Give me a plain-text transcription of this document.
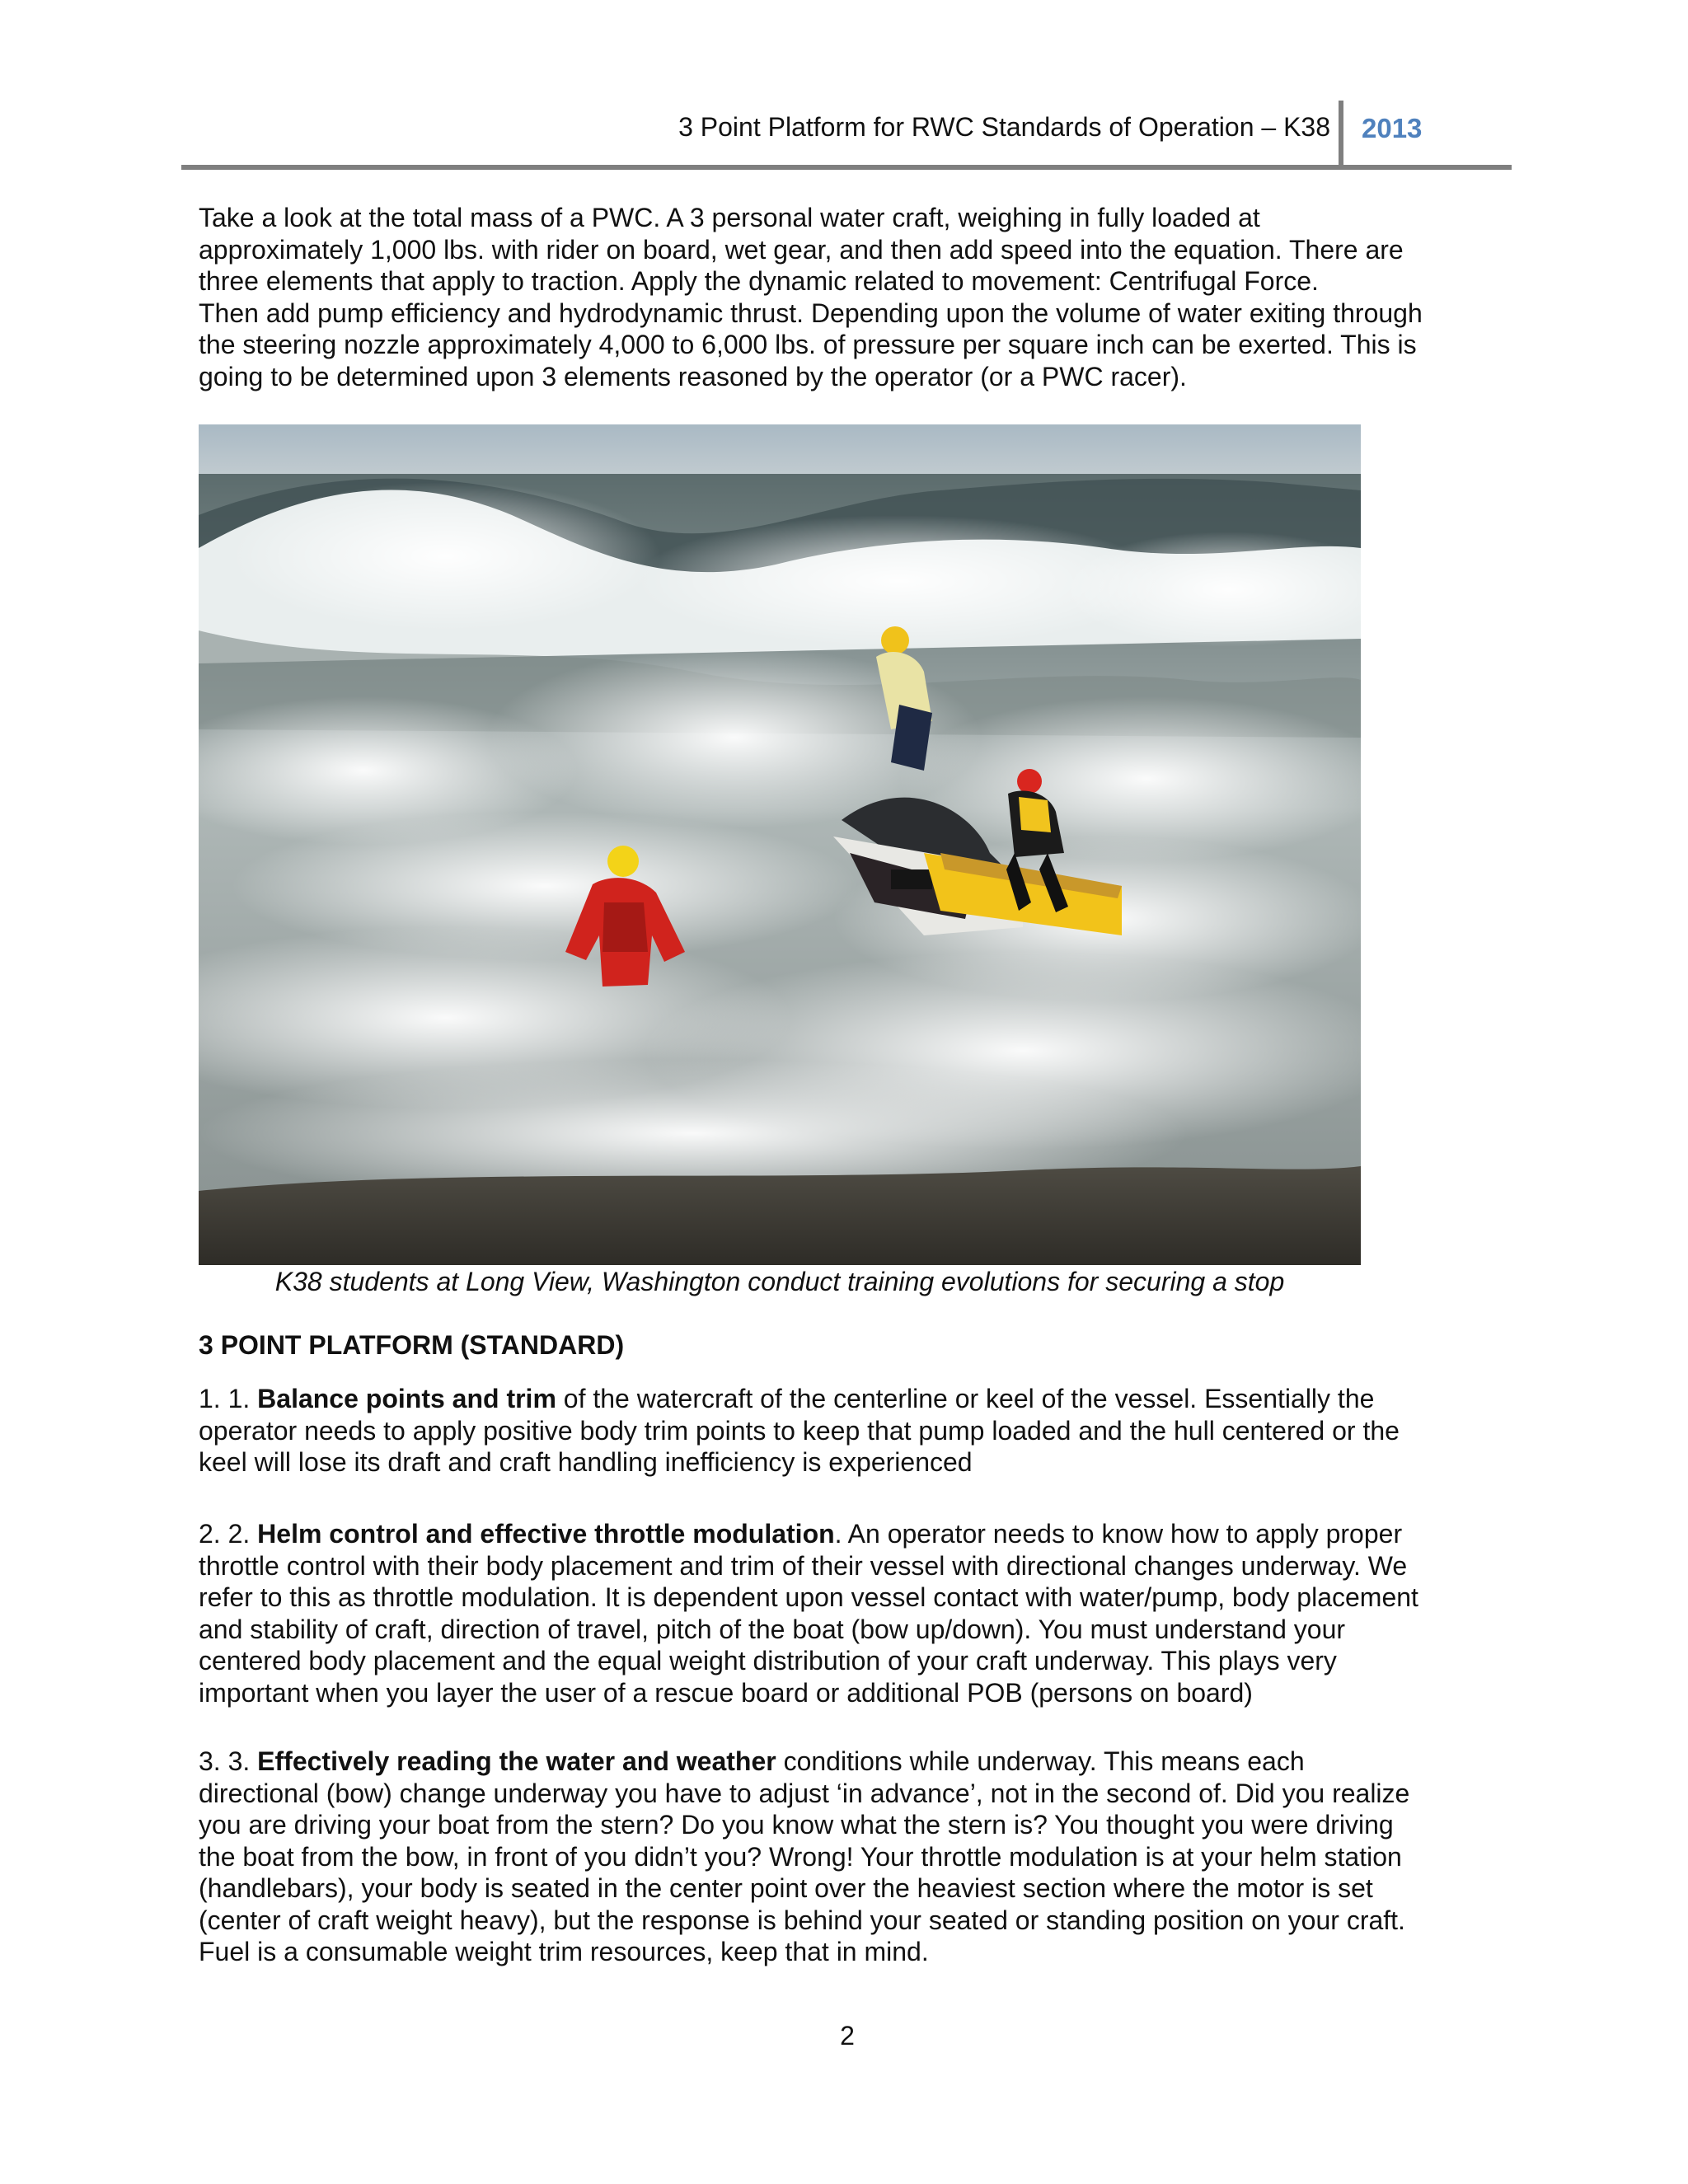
3 Point Platform for RWC Standards of Operation – K38 2013

Take a look at the total mass of a PWC. A 3 personal water craft, weighing in fully loaded at
approximately 1,000 lbs. with rider on board, wet gear, and then add speed into the equation. There are
three elements that apply to traction. Apply the dynamic related to movement: Centrifugal Force.
Then add pump efficiency and hydrodynamic thrust. Depending upon the volume of water exiting through
the steering nozzle approximately 4,000 to 6,000 lbs. of pressure per square inch can be exerted. This is
going to be determined upon 3 elements reasoned by the operator (or a PWC racer).

K38 students at Long View, Washington conduct training evolutions for securing a stop
3 POINT PLATFORM (STANDARD)
1. 1. Balance points and trim of the watercraft of the centerline or keel of the vessel. Essentially the
operator needs to apply positive body trim points to keep that pump loaded and the hull centered or the
keel will lose its draft and craft handling inefficiency is experienced
2. 2. Helm control and effective throttle modulation. An operator needs to know how to apply proper
throttle control with their body placement and trim of their vessel with directional changes underway. We
refer to this as throttle modulation. It is dependent upon vessel contact with water/pump, body placement
and stability of craft, direction of travel, pitch of the boat (bow up/down). You must understand your
centered body placement and the equal weight distribution of your craft underway. This plays very
important when you layer the user of a rescue board or additional POB (persons on board)
3. 3. Effectively reading the water and weather conditions while underway. This means each
directional (bow) change underway you have to adjust ‘in advance’, not in the second of. Did you realize
you are driving your boat from the stern? Do you know what the stern is? You thought you were driving
the boat from the bow, in front of you didn’t you? Wrong! Your throttle modulation is at your helm station
(handlebars), your body is seated in the center point over the heaviest section where the motor is set
(center of craft weight heavy), but the response is behind your seated or standing position on your craft.
Fuel is a consumable weight trim resources, keep that in mind.
2
